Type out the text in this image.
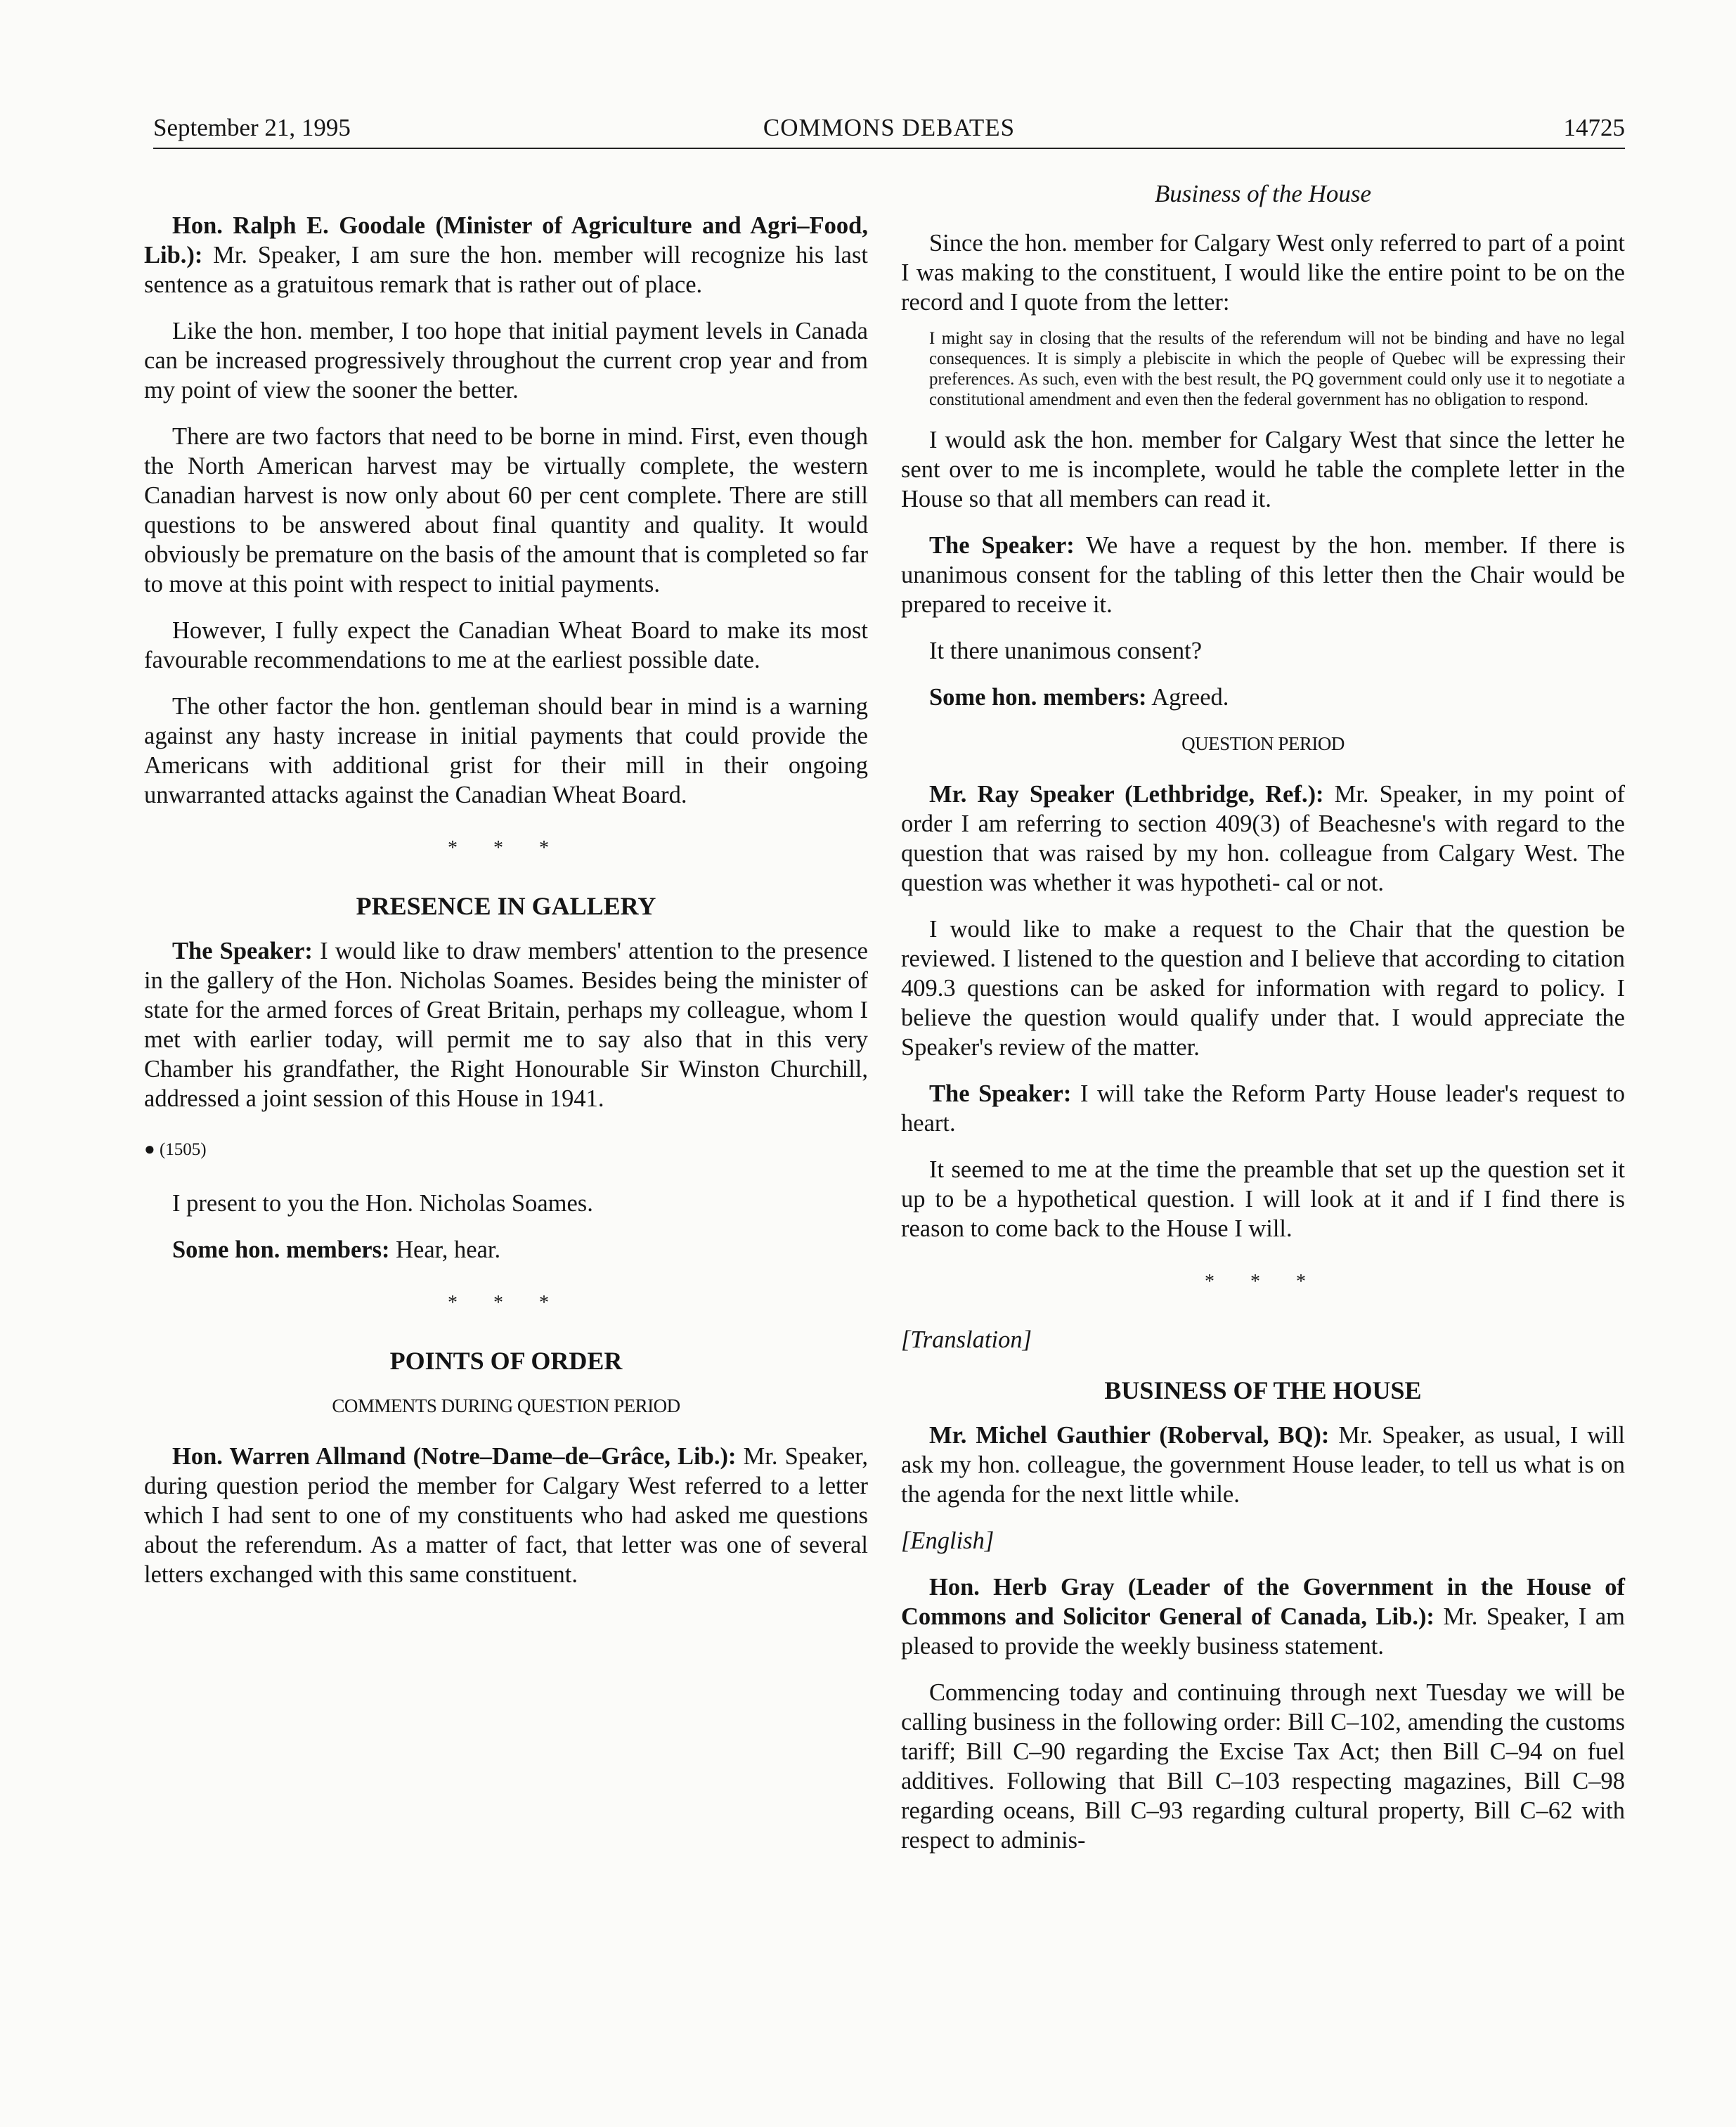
September 21, 1995	COMMONS DEBATES	14725

Hon. Ralph E. Goodale (Minister of Agriculture and Agri–Food, Lib.): Mr. Speaker, I am sure the hon. member will recognize his last sentence as a gratuitous remark that is rather out of place.

Like the hon. member, I too hope that initial payment levels in Canada can be increased progressively throughout the current crop year and from my point of view the sooner the better.

There are two factors that need to be borne in mind. First, even though the North American harvest may be virtually complete, the western Canadian harvest is now only about 60 per cent complete. There are still questions to be answered about final quantity and quality. It would obviously be premature on the basis of the amount that is completed so far to move at this point with respect to initial payments.

However, I fully expect the Canadian Wheat Board to make its most favourable recommendations to me at the earliest possible date.

The other factor the hon. gentleman should bear in mind is a warning against any hasty increase in initial payments that could provide the Americans with additional grist for their mill in their ongoing unwarranted attacks against the Canadian Wheat Board.

* * *
PRESENCE IN GALLERY

The Speaker: I would like to draw members' attention to the presence in the gallery of the Hon. Nicholas Soames. Besides being the minister of state for the armed forces of Great Britain, perhaps my colleague, whom I met with earlier today, will permit me to say also that in this very Chamber his grandfather, the Right Honourable Sir Winston Churchill, addressed a joint session of this House in 1941.

● (1505)

I present to you the Hon. Nicholas Soames.

Some hon. members: Hear, hear.

* * *
POINTS OF ORDER
COMMENTS DURING QUESTION PERIOD

Hon. Warren Allmand (Notre–Dame–de–Grâce, Lib.): Mr. Speaker, during question period the member for Calgary West referred to a letter which I had sent to one of my constituents who had asked me questions about the referendum. As a matter of fact, that letter was one of several letters exchanged with this same constituent.

Business of the House

Since the hon. member for Calgary West only referred to part of a point I was making to the constituent, I would like the entire point to be on the record and I quote from the letter:

I might say in closing that the results of the referendum will not be binding and have no legal consequences. It is simply a plebiscite in which the people of Quebec will be expressing their preferences. As such, even with the best result, the PQ government could only use it to negotiate a constitutional amendment and even then the federal government has no obligation to respond.

I would ask the hon. member for Calgary West that since the letter he sent over to me is incomplete, would he table the complete letter in the House so that all members can read it.

The Speaker: We have a request by the hon. member. If there is unanimous consent for the tabling of this letter then the Chair would be prepared to receive it.

It there unanimous consent?

Some hon. members: Agreed.

QUESTION PERIOD

Mr. Ray Speaker (Lethbridge, Ref.): Mr. Speaker, in my point of order I am referring to section 409(3) of Beachesne's with regard to the question that was raised by my hon. colleague from Calgary West. The question was whether it was hypotheti- cal or not.

I would like to make a request to the Chair that the question be reviewed. I listened to the question and I believe that according to citation 409.3 questions can be asked for information with regard to policy. I believe the question would qualify under that. I would appreciate the Speaker's review of the matter.

The Speaker: I will take the Reform Party House leader's request to heart.

It seemed to me at the time the preamble that set up the question set it up to be a hypothetical question. I will look at it and if I find there is reason to come back to the House I will.

* * *

[Translation]

BUSINESS OF THE HOUSE

Mr. Michel Gauthier (Roberval, BQ): Mr. Speaker, as usual, I will ask my hon. colleague, the government House leader, to tell us what is on the agenda for the next little while.

[English]

Hon. Herb Gray (Leader of the Government in the House of Commons and Solicitor General of Canada, Lib.): Mr. Speaker, I am pleased to provide the weekly business statement.

Commencing today and continuing through next Tuesday we will be calling business in the following order: Bill C–102, amending the customs tariff; Bill C–90 regarding the Excise Tax Act; then Bill C–94 on fuel additives. Following that Bill C–103 respecting magazines, Bill C–98 regarding oceans, Bill C–93 regarding cultural property, Bill C–62 with respect to adminis-
